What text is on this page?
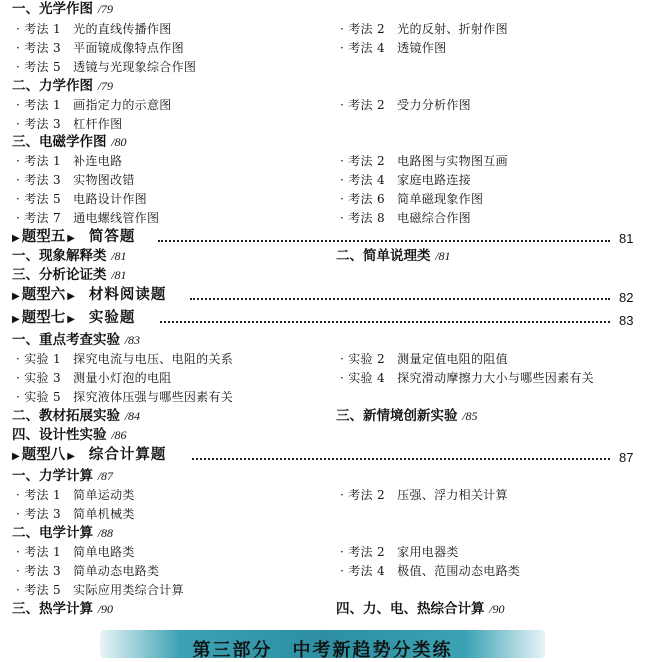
一、光学作图 /79
· 考法 1　光的直线传播作图	· 考法 2　光的反射、折射作图
· 考法 3　平面镜成像特点作图	· 考法 4　透镜作图
· 考法 5　透镜与光现象综合作图
二、力学作图 /79
· 考法 1　画指定力的示意图	· 考法 2　受力分析作图
· 考法 3　杠杆作图
三、电磁学作图 /80
· 考法 1　补连电路	· 考法 2　电路图与实物图互画
· 考法 3　实物图改错	· 考法 4　家庭电路连接
· 考法 5　电路设计作图	· 考法 6　简单磁现象作图
· 考法 7　通电螺线管作图	· 考法 8　电磁综合作图
▶ 题型五 ▶ 简答题	81
一、现象解释类 /81	二、简单说理类 /81
三、分析论证类 /81
▶ 题型六 ▶ 材料阅读题	82
▶ 题型七 ▶ 实验题	83
一、重点考查实验 /83
· 实验 1　探究电流与电压、电阻的关系	· 实验 2　测量定值电阻的阻值
· 实验 3　测量小灯泡的电阻	· 实验 4　探究滑动摩擦力大小与哪些因素有关
· 实验 5　探究液体压强与哪些因素有关
二、教材拓展实验 /84	三、新情境创新实验 /85
四、设计性实验 /86
▶ 题型八 ▶ 综合计算题	87
一、力学计算 /87
· 考法 1　简单运动类	· 考法 2　压强、浮力相关计算
· 考法 3　简单机械类
二、电学计算 /88
· 考法 1　简单电路类	· 考法 2　家用电器类
· 考法 3　简单动态电路类	· 考法 4　极值、范围动态电路类
· 考法 5　实际应用类综合计算
三、热学计算 /90	四、力、电、热综合计算 /90
第三部分　中考新趋势分类练
